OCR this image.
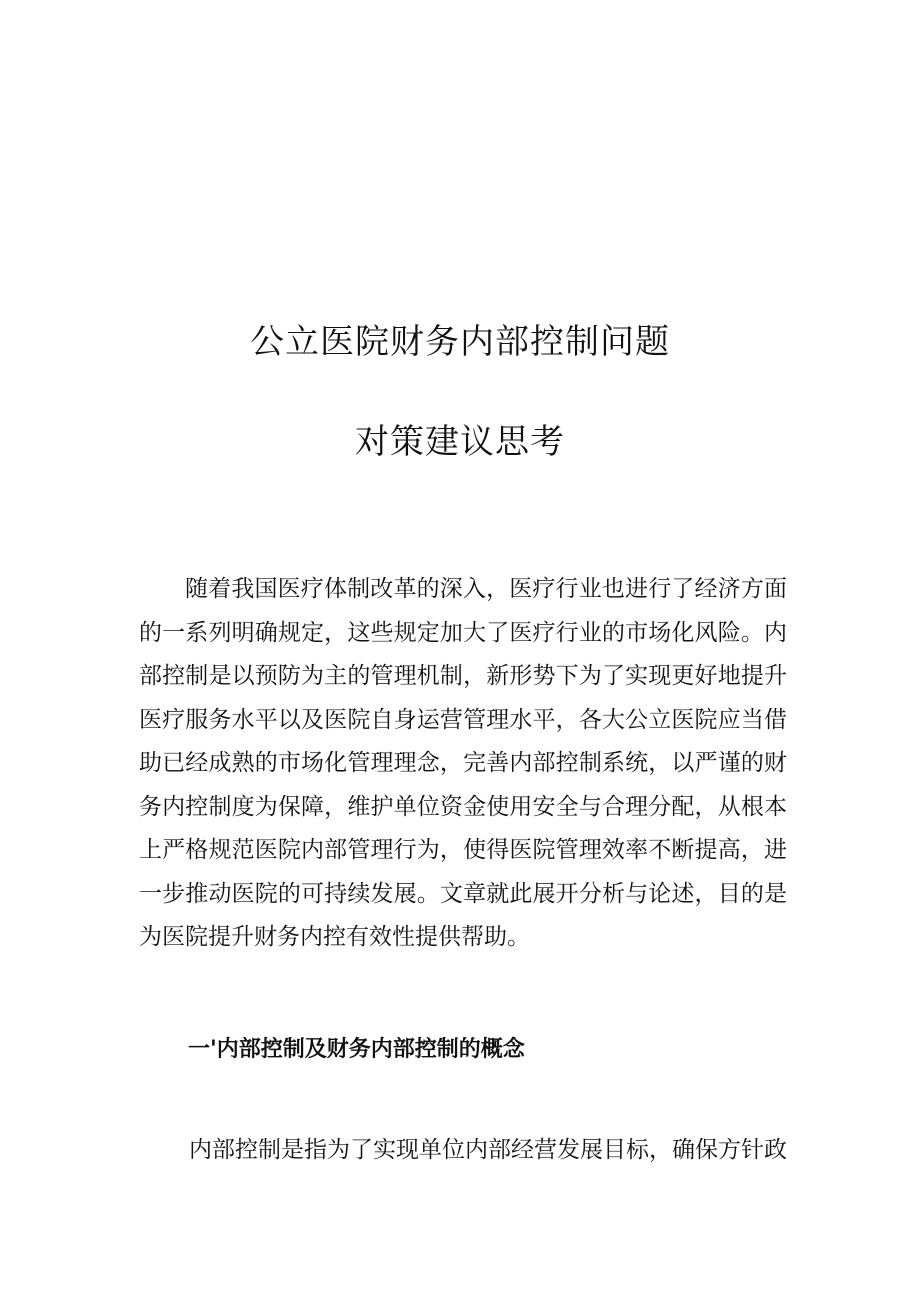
公立医院财务内部控制问题
对策建议思考

随着我国医疗体制改革的深入，医疗行业也进行了经济方面的一系列明确规定，这些规定加大了医疗行业的市场化风险。内部控制是以预防为主的管理机制，新形势下为了实现更好地提升医疗服务水平以及医院自身运营管理水平，各大公立医院应当借助已经成熟的市场化管理理念，完善内部控制系统，以严谨的财务内控制度为保障，维护单位资金使用安全与合理分配，从根本上严格规范医院内部管理行为，使得医院管理效率不断提高，进一步推动医院的可持续发展。文章就此展开分析与论述，目的是为医院提升财务内控有效性提供帮助。

一'内部控制及财务内部控制的概念

内部控制是指为了实现单位内部经营发展目标，确保方针政
